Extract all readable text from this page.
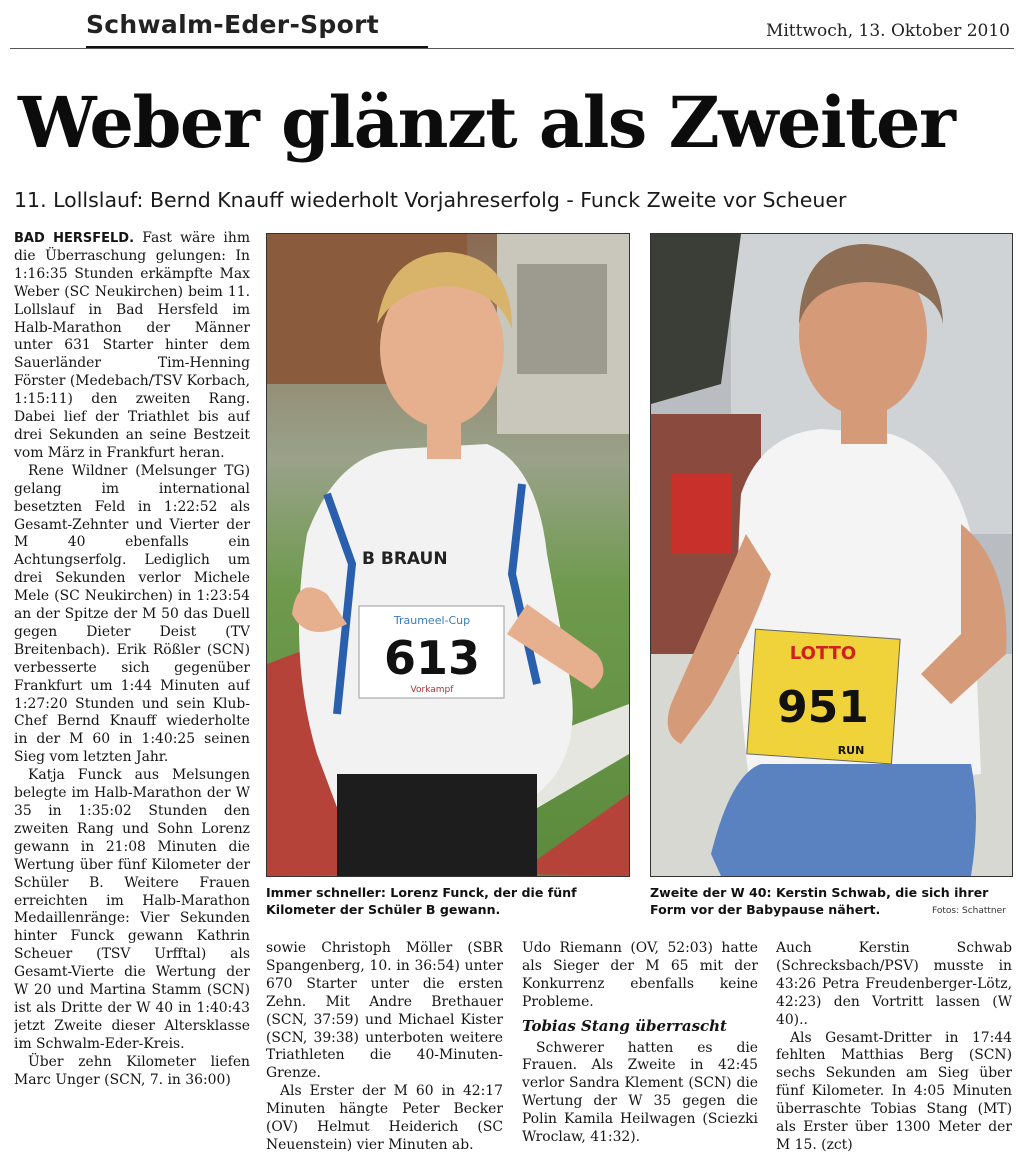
Schwalm-Eder-Sport	Mittwoch, 13. Oktober 2010
Weber glänzt als Zweiter
11. Lollslauf: Bernd Knauff wiederholt Vorjahreserfolg - Funck Zweite vor Scheuer

BAD HERSFELD. Fast wäre ihm die Überraschung gelungen: In 1:16:35 Stunden erkämpfte Max Weber (SC Neukirchen) beim 11. Lollslauf in Bad Hersfeld im Halb-Marathon der Männer unter 631 Starter hinter dem Sauerländer Tim-Henning Förster (Medebach/TSV Korbach, 1:15:11) den zweiten Rang. Dabei lief der Triathlet bis auf drei Sekunden an seine Bestzeit vom März in Frankfurt heran.

Rene Wildner (Melsunger TG) gelang im international besetzten Feld in 1:22:52 als Gesamt-Zehnter und Vierter der M 40 ebenfalls ein Achtungserfolg. Lediglich um drei Sekunden verlor Michele Mele (SC Neukirchen) in 1:23:54 an der Spitze der M 50 das Duell gegen Dieter Deist (TV Breitenbach). Erik Rößler (SCN) verbesserte sich gegenüber Frankfurt um 1:44 Minuten auf 1:27:20 Stunden und sein Klub-Chef Bernd Knauff wiederholte in der M 60 in 1:40:25 seinen Sieg vom letzten Jahr.

Katja Funck aus Melsungen belegte im Halb-Marathon der W 35 in 1:35:02 Stunden den zweiten Rang und Sohn Lorenz gewann in 21:08 Minuten die Wertung über fünf Kilometer der Schüler B. Weitere Frauen erreichten im Halb-Marathon Medaillenränge: Vier Sekunden hinter Funck gewann Kathrin Scheuer (TSV Urfftal) als Gesamt-Vierte die Wertung der W 20 und Martina Stamm (SCN) ist als Dritte der W 40 in 1:40:43 jetzt Zweite dieser Altersklasse im Schwalm-Eder-Kreis.

Über zehn Kilometer liefen Marc Unger (SCN, 7. in 36:00)

Traumeel-Cup
613
Vorkampf
B BRAUN
LOTTO
951
RUN
Immer schneller: Lorenz Funck, der die fünf Kilometer der Schüler B gewann.
Zweite der W 40: Kerstin Schwab, die sich ihrer Form vor der Babypause nähert.	Fotos: Schattner

sowie Christoph Möller (SBR Spangenberg, 10. in 36:54) unter 670 Starter unter die ersten Zehn. Mit Andre Brethauer (SCN, 37:59) und Michael Kister (SCN, 39:38) unterboten weitere Triathleten die 40-Minuten-Grenze.

Als Erster der M 60 in 42:17 Minuten hängte Peter Becker (OV) Helmut Heiderich (SC Neuenstein) vier Minuten ab.

Udo Riemann (OV, 52:03) hatte als Sieger der M 65 mit der Konkurrenz ebenfalls keine Probleme.

Tobias Stang überrascht

Schwerer hatten es die Frauen. Als Zweite in 42:45 verlor Sandra Klement (SCN) die Wertung der W 35 gegen die Polin Kamila Heilwagen (Sciezki Wroclaw, 41:32).

Auch Kerstin Schwab (Schrecksbach/PSV) musste in 43:26 Petra Freudenberger-Lötz, 42:23) den Vortritt lassen (W 40)..

Als Gesamt-Dritter in 17:44 fehlten Matthias Berg (SCN) sechs Sekunden am Sieg über fünf Kilometer. In 4:05 Minuten überraschte Tobias Stang (MT) als Erster über 1300 Meter der M 15. (zct)
